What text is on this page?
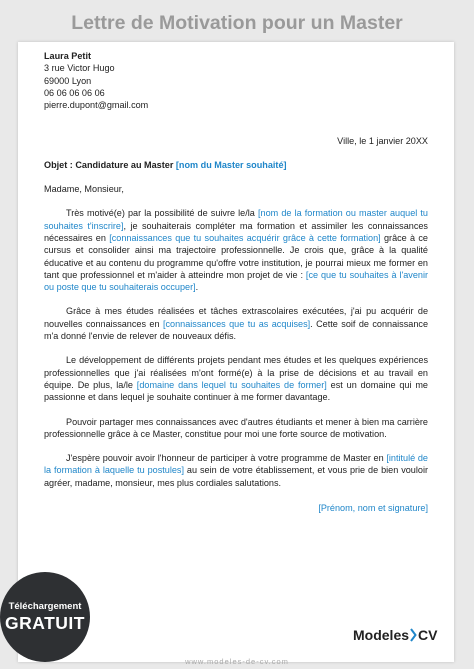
Lettre de Motivation pour un Master
Laura Petit
3 rue Victor Hugo
69000 Lyon
06 06 06 06 06
pierre.dupont@gmail.com
Ville, le 1 janvier 20XX
Objet : Candidature au Master [nom du Master souhaité]
Madame, Monsieur,

Très motivé(e) par la possibilité de suivre le/la [nom de la formation ou master auquel tu souhaites t'inscrire], je souhaiterais compléter ma formation et assimiler les connaissances nécessaires en [connaissances que tu souhaites acquérir grâce à cette formation] grâce à ce cursus et consolider ainsi ma trajectoire professionnelle. Je crois que, grâce à la qualité éducative et au contenu du programme qu'offre votre institution, je pourrai mieux me former en tant que professionnel et m'aider à atteindre mon projet de vie : [ce que tu souhaites à l'avenir ou poste que tu souhaiterais occuper].

Grâce à mes études réalisées et tâches extrascolaires exécutées, j'ai pu acquérir de nouvelles connaissances en [connaissances que tu as acquises]. Cette soif de connaissance m'a donné l'envie de relever de nouveaux défis.

Le développement de différents projets pendant mes études et les quelques expériences professionnelles que j'ai réalisées m'ont formé(e) à la prise de décisions et au travail en équipe. De plus, la/le [domaine dans lequel tu souhaites de former] est un domaine qui me passionne et dans lequel je souhaite continuer à me former davantage.

Pouvoir partager mes connaissances avec d'autres étudiants et mener à bien ma carrière professionnelle grâce à ce Master, constitue pour moi une forte source de motivation.

J'espère pouvoir avoir l'honneur de participer à votre programme de Master en [intitulé de la formation à laquelle tu postules] au sein de votre établissement, et vous prie de bien vouloir agréer, madame, monsieur, mes plus cordiales salutations.

[Prénom, nom et signature]
Téléchargement
GRATUIT
Modeles CV
www.modeles-de-cv.com
